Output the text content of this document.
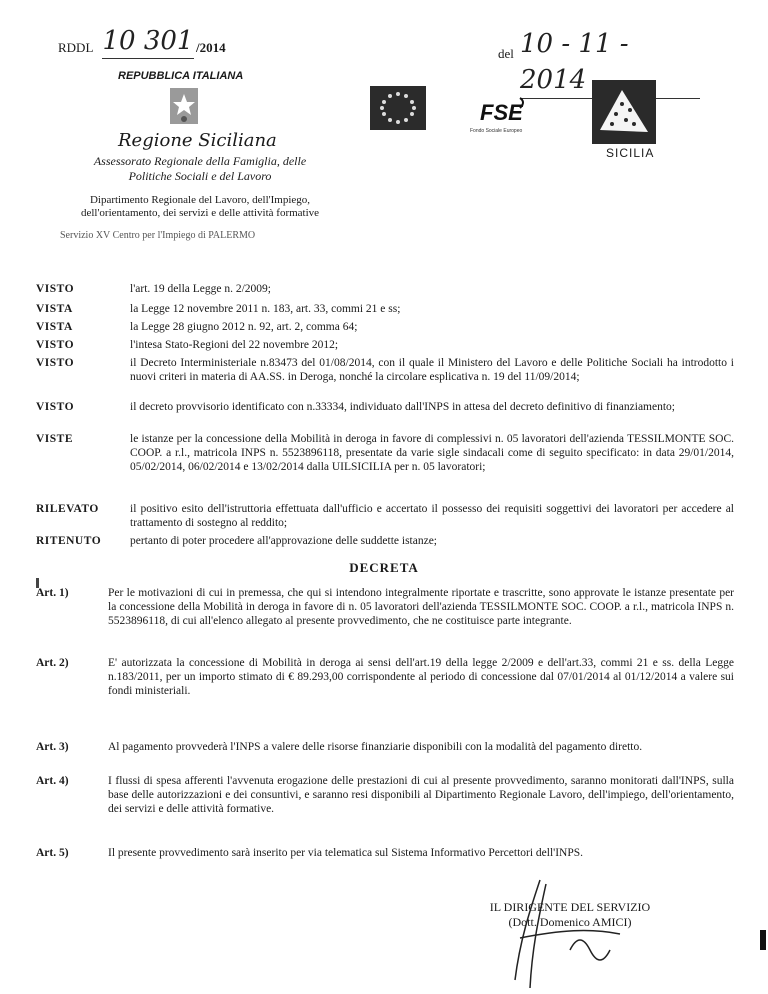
RDDL 10 301 /2014	del 10 - 11 - 2014
REPUBBLICA ITALIANA
Regione Siciliana
Assessorato Regionale della Famiglia, delle
Politiche Sociali e del Lavoro
Dipartimento Regionale del Lavoro, dell'Impiego,
dell'orientamento, dei servizi e delle attività formative
Servizio XV Centro per l'Impiego di PALERMO
FSE
Fondo Sociale Europeo
SICILIA
VISTO	l'art. 19 della Legge n. 2/2009;
VISTA	la Legge 12 novembre 2011 n. 183, art. 33, commi 21 e ss;
VISTA	la Legge 28 giugno 2012 n. 92, art. 2, comma 64;
VISTO	l'intesa Stato-Regioni del 22 novembre 2012;
VISTO	il Decreto Interministeriale n.83473 del 01/08/2014, con il quale il Ministero del Lavoro e delle Politiche Sociali ha introdotto i nuovi criteri in materia di AA.SS. in Deroga, nonché la circolare esplicativa n. 19 del 11/09/2014;
VISTO	il decreto provvisorio identificato con n.33334, individuato dall'INPS in attesa del decreto definitivo di finanziamento;
VISTE	le istanze per la concessione della Mobilità in deroga in favore di complessivi n. 05 lavoratori dell'azienda TESSILMONTE SOC. COOP. a r.l., matricola INPS n. 5523896118, presentate da varie sigle sindacali come di seguito specificato: in data 29/01/2014, 05/02/2014, 06/02/2014 e 13/02/2014 dalla UILSICILIA per n. 05 lavoratori;
RILEVATO	il positivo esito dell'istruttoria effettuata dall'ufficio e accertato il possesso dei requisiti soggettivi dei lavoratori per accedere al trattamento di sostegno al reddito;
RITENUTO	pertanto di poter procedere all'approvazione delle suddette istanze;
DECRETA
Art. 1)	Per le motivazioni di cui in premessa, che qui si intendono integralmente riportate e trascritte, sono approvate le istanze presentate per la concessione della Mobilità in deroga in favore di n. 05 lavoratori dell'azienda TESSILMONTE SOC. COOP. a r.l., matricola INPS n. 5523896118, di cui all'elenco allegato al presente provvedimento, che ne costituisce parte integrante.
Art. 2)	E' autorizzata la concessione di Mobilità in deroga ai sensi dell'art.19 della legge 2/2009 e dell'art.33, commi 21 e ss. della Legge n.183/2011, per un importo stimato di € 89.293,00 corrispondente al periodo di concessione dal 07/01/2014 al 01/12/2014 a valere sui fondi ministeriali.
Art. 3)	Al pagamento provvederà l'INPS a valere delle risorse finanziarie disponibili con la modalità del pagamento diretto.
Art. 4)	I flussi di spesa afferenti l'avvenuta erogazione delle prestazioni di cui al presente provvedimento, saranno monitorati dall'INPS, sulla base delle autorizzazioni e dei consuntivi, e saranno resi disponibili al Dipartimento Regionale Lavoro, dell'impiego, dell'orientamento, dei servizi e delle attività formative.
Art. 5)	Il presente provvedimento sarà inserito per via telematica sul Sistema Informativo Percettori dell'INPS.
IL DIRIGENTE DEL SERVIZIO
(Dott. Domenico AMICI)
